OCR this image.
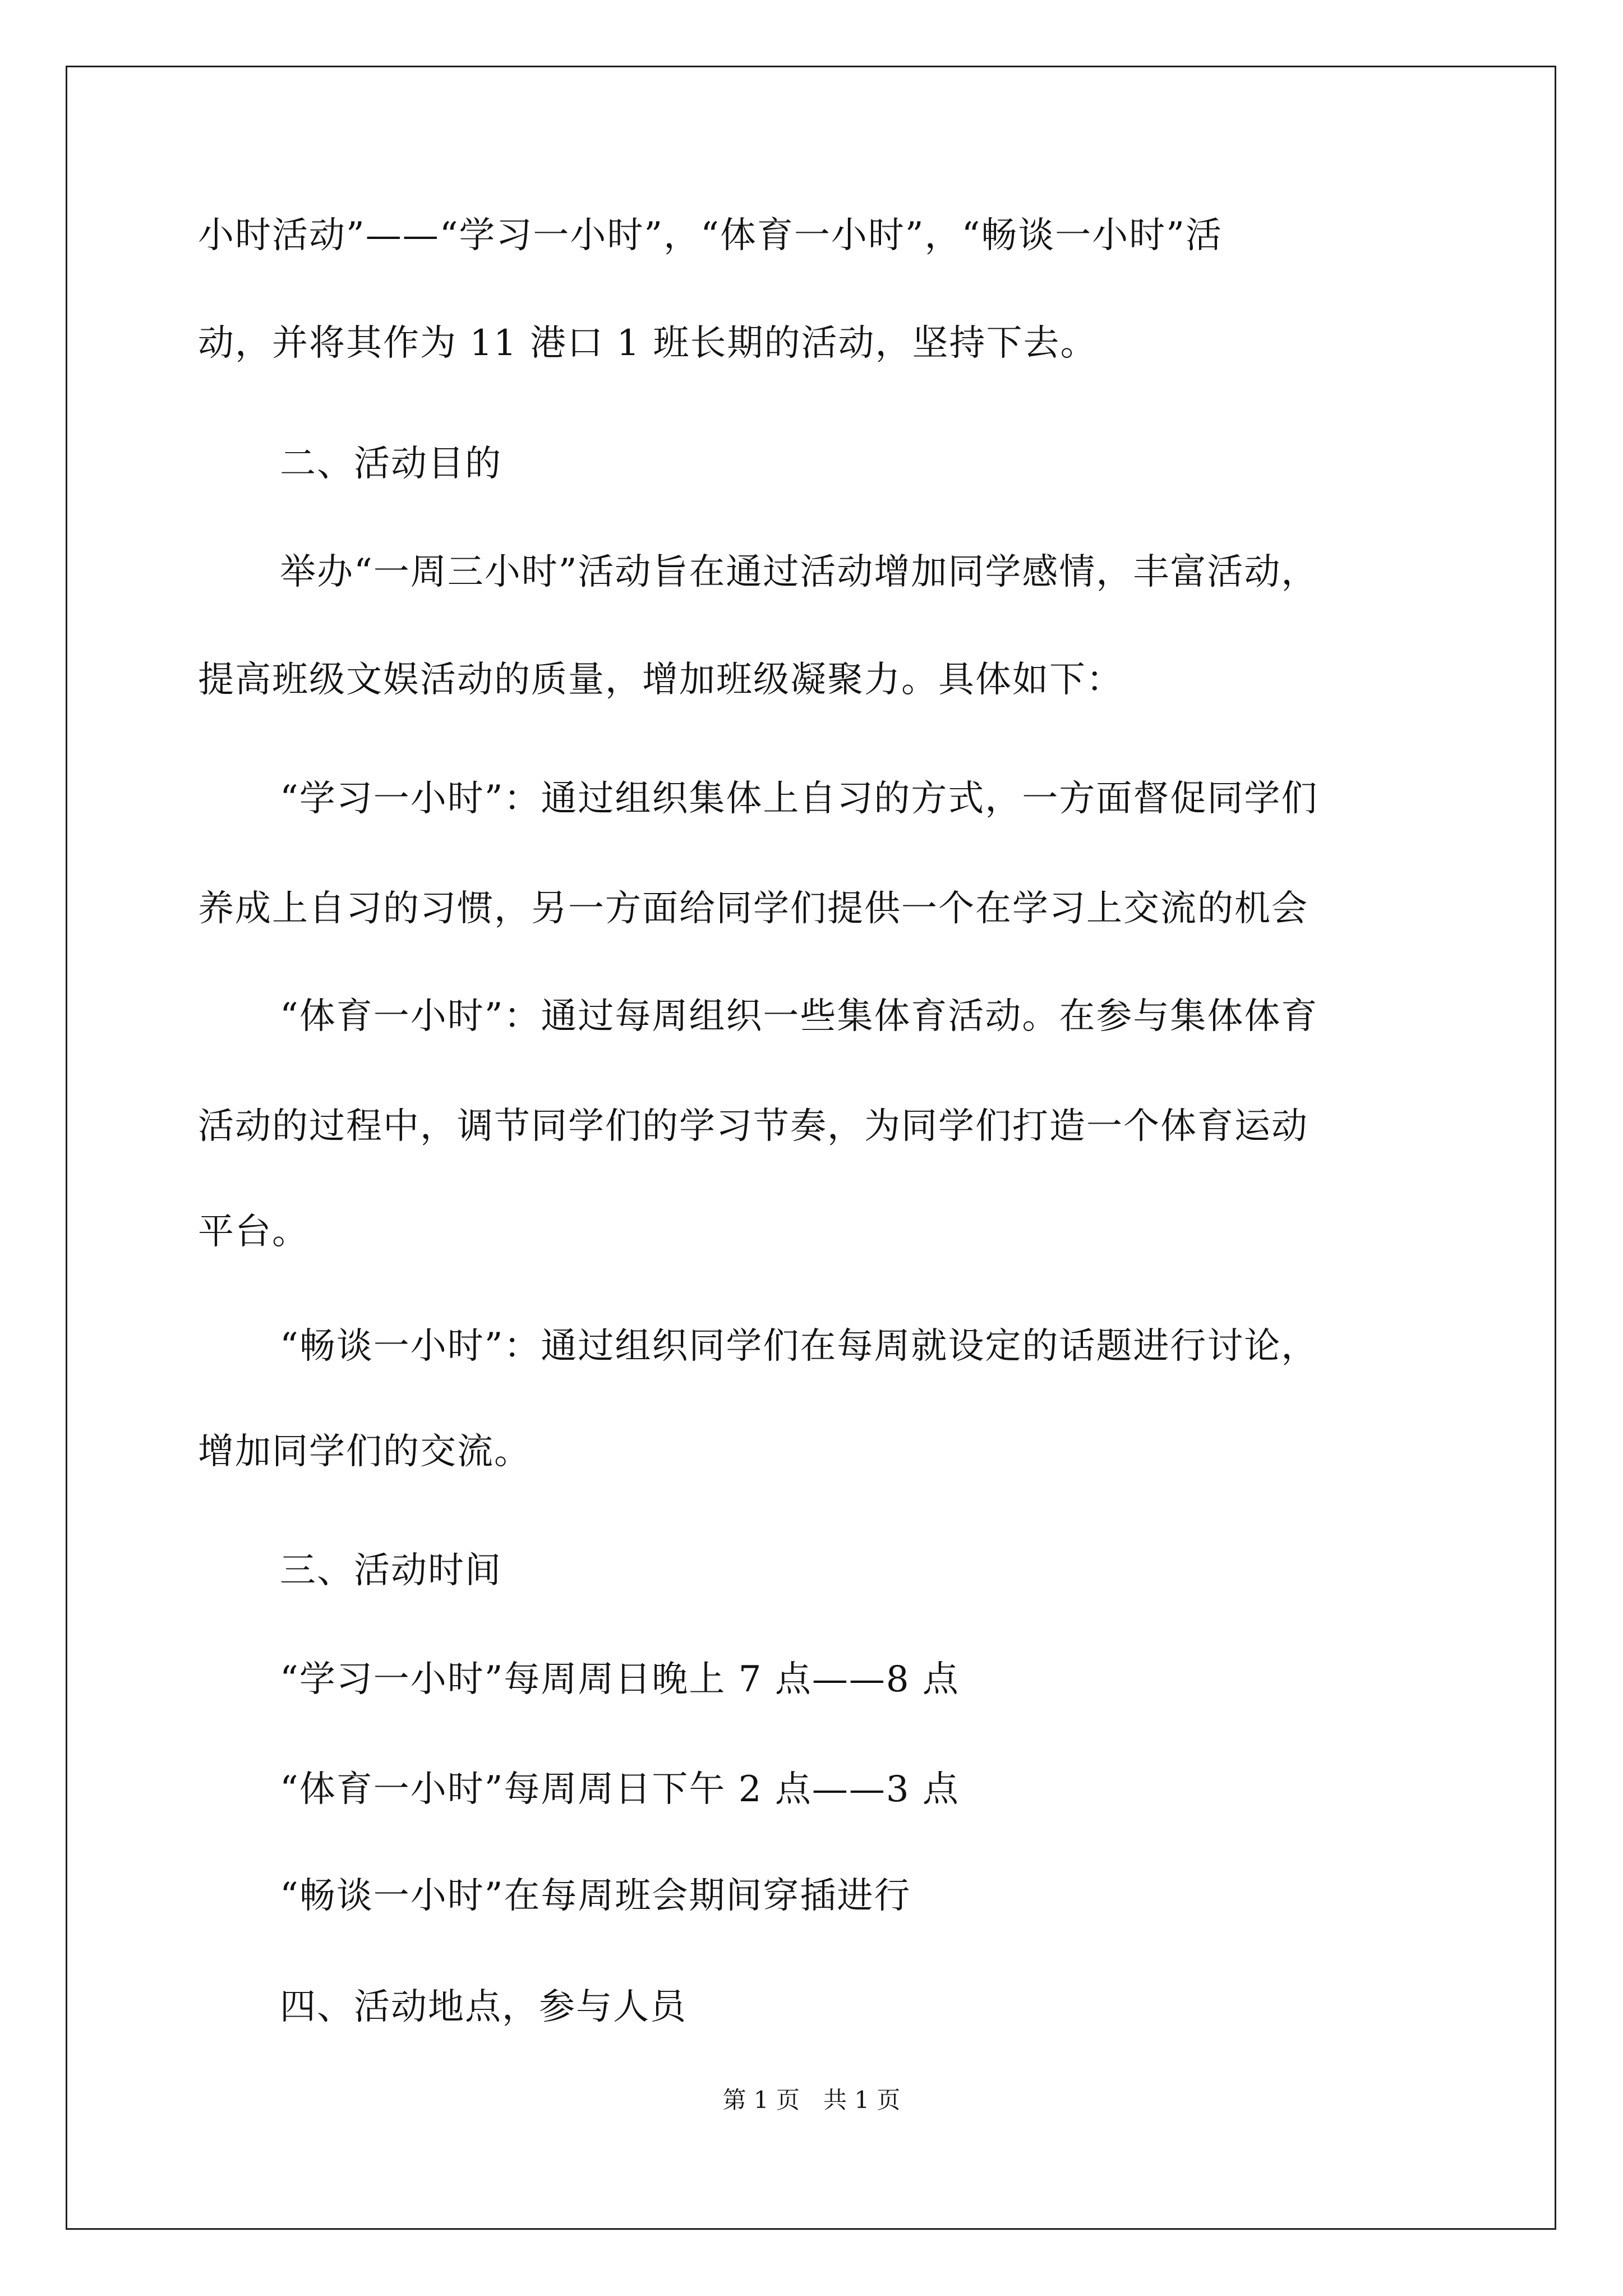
小时活动”——“学习一小时”，“体育一小时”，“畅谈一小时”活
动，并将其作为 11 港口 1 班长期的活动，坚持下去。
二、活动目的
举办“一周三小时”活动旨在通过活动增加同学感情，丰富活动，
提高班级文娱活动的质量，增加班级凝聚力。具体如下：
“学习一小时”：通过组织集体上自习的方式，一方面督促同学们
养成上自习的习惯，另一方面给同学们提供一个在学习上交流的机会
“体育一小时”：通过每周组织一些集体育活动。在参与集体体育
活动的过程中，调节同学们的学习节奏，为同学们打造一个体育运动
平台。
“畅谈一小时”：通过组织同学们在每周就设定的话题进行讨论，
增加同学们的交流。
三、活动时间
“学习一小时”每周周日晚上 7 点——8 点
“体育一小时”每周周日下午 2 点——3 点
“畅谈一小时”在每周班会期间穿插进行
四、活动地点，参与人员
第 1 页　共 1 页
